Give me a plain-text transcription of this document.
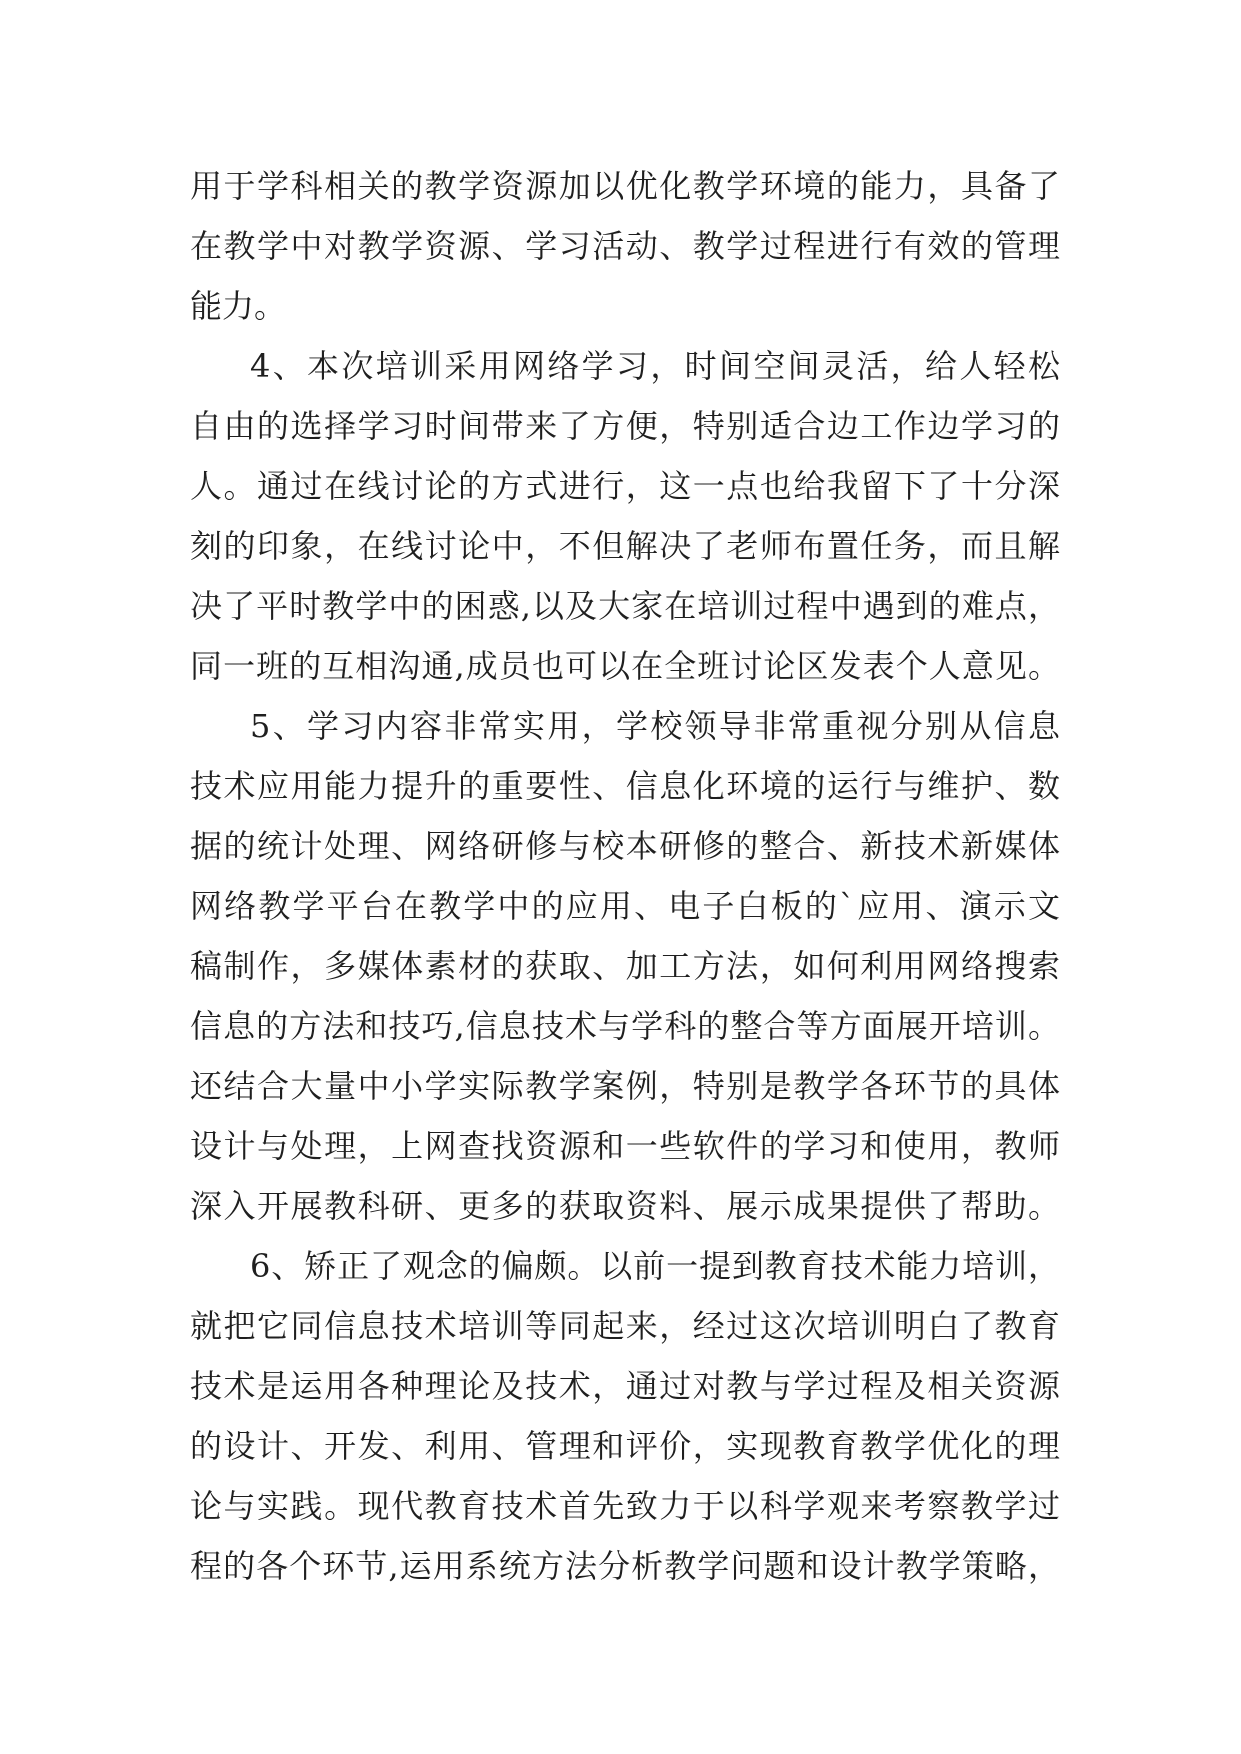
用于学科相关的教学资源加以优化教学环境的能力，具备了
在教学中对教学资源、学习活动、教学过程进行有效的管理
能力。
4、本次培训采用网络学习，时间空间灵活，给人轻松
自由的选择学习时间带来了方便，特别适合边工作边学习的
人。通过在线讨论的方式进行，这一点也给我留下了十分深
刻的印象，在线讨论中，不但解决了老师布置任务，而且解
决了平时教学中的困惑,以及大家在培训过程中遇到的难点，
同一班的互相沟通,成员也可以在全班讨论区发表个人意见。
5、学习内容非常实用，学校领导非常重视分别从信息
技术应用能力提升的重要性、信息化环境的运行与维护、数
据的统计处理、网络研修与校本研修的整合、新技术新媒体
网络教学平台在教学中的应用、电子白板的`应用、演示文
稿制作，多媒体素材的获取、加工方法，如何利用网络搜索
信息的方法和技巧,信息技术与学科的整合等方面展开培训。
还结合大量中小学实际教学案例，特别是教学各环节的具体
设计与处理，上网查找资源和一些软件的学习和使用，教师
深入开展教科研、更多的获取资料、展示成果提供了帮助。
6、矫正了观念的偏颇。以前一提到教育技术能力培训，
就把它同信息技术培训等同起来，经过这次培训明白了教育
技术是运用各种理论及技术，通过对教与学过程及相关资源
的设计、开发、利用、管理和评价，实现教育教学优化的理
论与实践。现代教育技术首先致力于以科学观来考察教学过
程的各个环节,运用系统方法分析教学问题和设计教学策略，
